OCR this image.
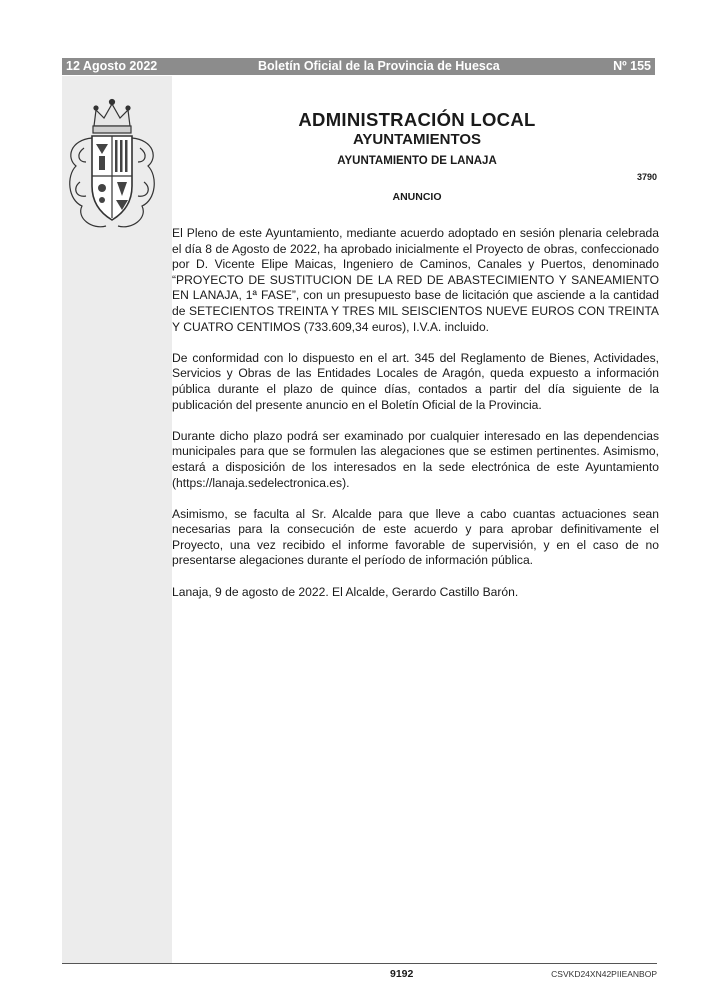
12 Agosto 2022	Boletín Oficial de la Provincia de Huesca	Nº 155
ADMINISTRACIÓN LOCAL
AYUNTAMIENTOS
AYUNTAMIENTO DE LANAJA
3790
ANUNCIO

El Pleno de este Ayuntamiento, mediante acuerdo adoptado en sesión plenaria celebrada el día 8 de Agosto de 2022, ha aprobado inicialmente el Proyecto de obras, confeccionado por D. Vicente Elipe Maicas, Ingeniero de Caminos, Canales y Puertos, denominado “PROYECTO DE SUSTITUCION DE LA RED DE ABASTECIMIENTO Y SANEAMIENTO EN LANAJA, 1ª FASE”, con un presupuesto base de licitación que asciende a la cantidad de SETECIENTOS TREINTA Y TRES MIL SEISCIENTOS NUEVE EUROS CON TREINTA Y CUATRO CENTIMOS (733.609,34 euros), I.V.A. incluido.

De conformidad con lo dispuesto en el art. 345 del Reglamento de Bienes, Actividades, Servicios y Obras de las Entidades Locales de Aragón, queda expuesto a información pública durante el plazo de quince días, contados a partir del día siguiente de la publicación del presente anuncio en el Boletín Oficial de la Provincia.

Durante dicho plazo podrá ser examinado por cualquier interesado en las dependencias municipales para que se formulen las alegaciones que se estimen pertinentes. Asimismo, estará a disposición de los interesados en la sede electrónica de este Ayuntamiento (https://lanaja.sedelectronica.es).

Asimismo, se faculta al Sr. Alcalde para que lleve a cabo cuantas actuaciones sean necesarias para la consecución de este acuerdo y para aprobar definitivamente el Proyecto, una vez recibido el informe favorable de supervisión, y en el caso de no presentarse alegaciones durante el período de información pública.

Lanaja, 9 de agosto de 2022. El Alcalde, Gerardo Castillo Barón.

9192	CSVKD24XN42PIIEANBOP
